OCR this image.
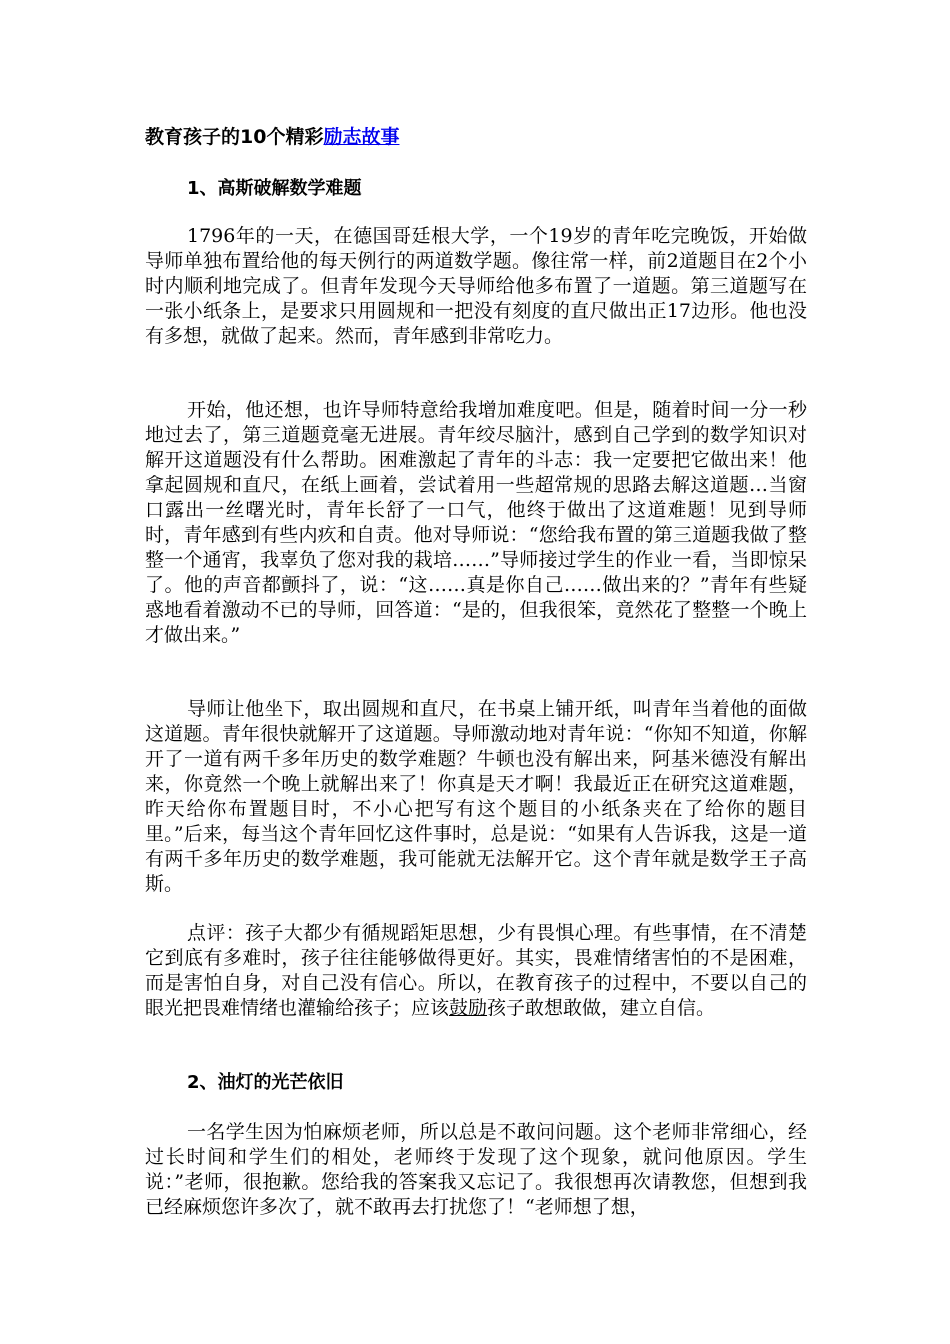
教育孩子的10个精彩励志故事
1、高斯破解数学难题

1796年的一天，在德国哥廷根大学，一个19岁的青年吃完晚饭，开始做导师单独布置给他的每天例行的两道数学题。像往常一样，前2道题目在2个小时内顺利地完成了。但青年发现今天导师给他多布置了一道题。第三道题写在一张小纸条上，是要求只用圆规和一把没有刻度的直尺做出正17边形。他也没有多想，就做了起来。然而，青年感到非常吃力。

开始，他还想，也许导师特意给我增加难度吧。但是，随着时间一分一秒地过去了，第三道题竟毫无进展。青年绞尽脑汁，感到自己学到的数学知识对解开这道题没有什么帮助。困难激起了青年的斗志：我一定要把它做出来！他拿起圆规和直尺，在纸上画着，尝试着用一些超常规的思路去解这道题…当窗口露出一丝曙光时，青年长舒了一口气，他终于做出了这道难题！见到导师时，青年感到有些内疚和自责。他对导师说：“您给我布置的第三道题我做了整整一个通宵，我辜负了您对我的栽培……”导师接过学生的作业一看，当即惊呆了。他的声音都颤抖了，说：“这……真是你自己……做出来的？”青年有些疑惑地看着激动不已的导师，回答道：“是的，但我很笨，竟然花了整整一个晚上才做出来。”

导师让他坐下，取出圆规和直尺，在书桌上铺开纸，叫青年当着他的面做这道题。青年很快就解开了这道题。导师激动地对青年说：“你知不知道，你解开了一道有两千多年历史的数学难题？牛顿也没有解出来，阿基米德没有解出来，你竟然一个晚上就解出来了！你真是天才啊！我最近正在研究这道难题，昨天给你布置题目时，不小心把写有这个题目的小纸条夹在了给你的题目里。”后来，每当这个青年回忆这件事时，总是说：“如果有人告诉我，这是一道有两千多年历史的数学难题，我可能就无法解开它。这个青年就是数学王子高斯。

点评：孩子大都少有循规蹈矩思想，少有畏惧心理。有些事情，在不清楚它到底有多难时，孩子往往能够做得更好。其实，畏难情绪害怕的不是困难，而是害怕自身，对自己没有信心。所以，在教育孩子的过程中，不要以自己的眼光把畏难情绪也灌输给孩子；应该鼓励孩子敢想敢做，建立自信。

2、油灯的光芒依旧

一名学生因为怕麻烦老师，所以总是不敢问问题。这个老师非常细心，经过长时间和学生们的相处，老师终于发现了这个现象，就问他原因。学生说：”老师，很抱歉。您给我的答案我又忘记了。我很想再次请教您，但想到我已经麻烦您许多次了，就不敢再去打扰您了！“老师想了想，
